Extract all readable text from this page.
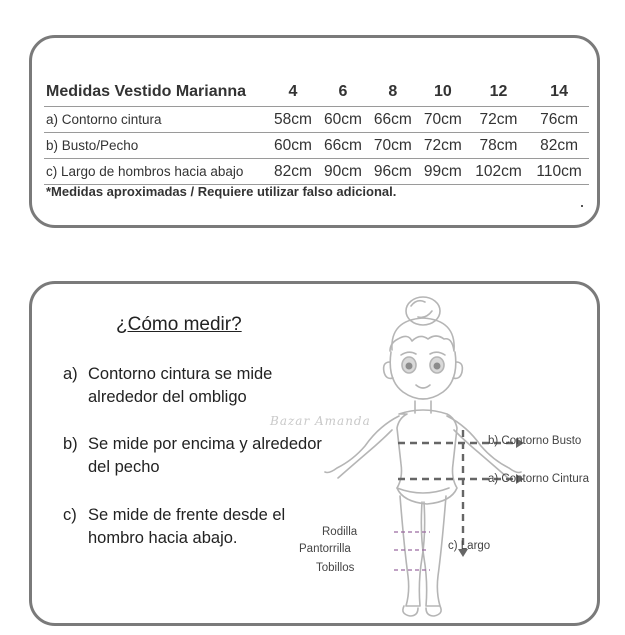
Medidas Vestido Marianna	4	6	8	10	12	14
a) Contorno cintura	58cm	60cm	66cm	70cm	72cm	76cm
b) Busto/Pecho	60cm	66cm	70cm	72cm	78cm	82cm
c) Largo de hombros hacia abajo	82cm	90cm	96cm	99cm	102cm	110cm
*Medidas aproximadas / Requiere utilizar falso adicional.
¿Cómo medir?
a) Contorno cintura se mide alrededor del ombligo
b) Se mide por encima y alrededor del pecho
c) Se mide de frente desde el hombro hacia abajo.
Bazar Amanda
b) Contorno Busto
a) Contorno Cintura
c) Largo
Rodilla
Pantorrilla
Tobillos
